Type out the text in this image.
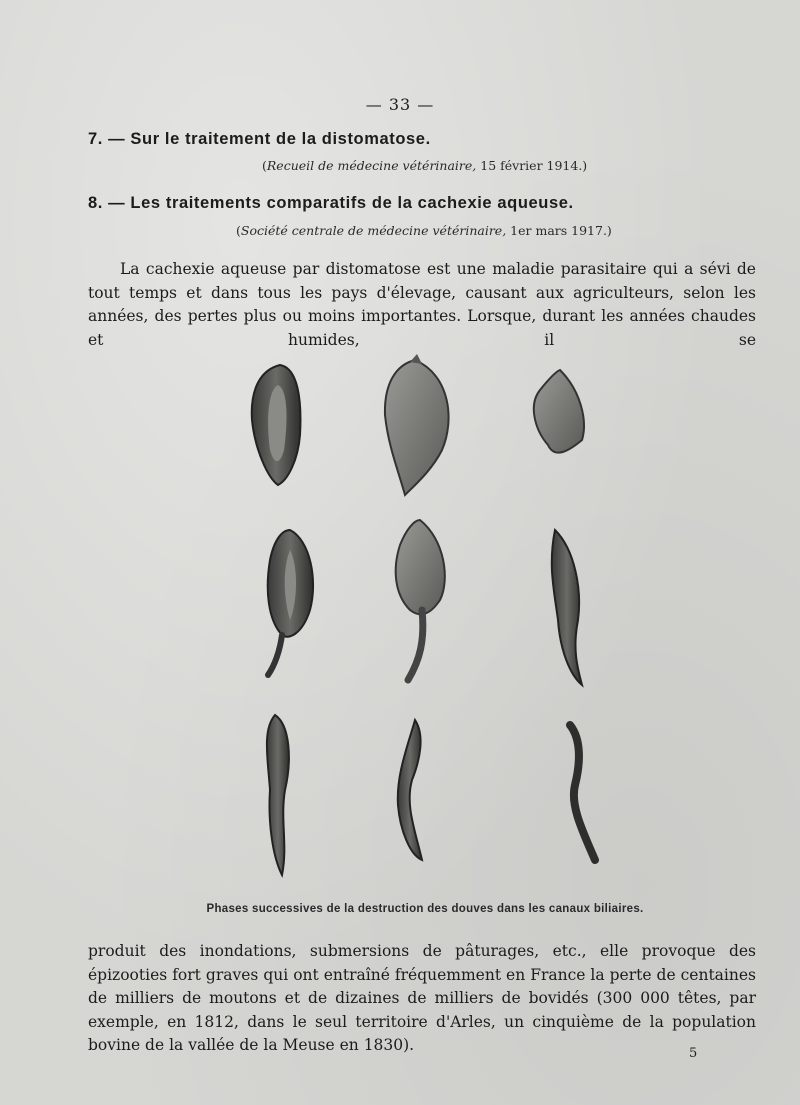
— 33 —
7. — Sur le traitement de la distomatose.
(Recueil de médecine vétérinaire, 15 février 1914.)
8. — Les traitements comparatifs de la cachexie aqueuse.
(Société centrale de médecine vétérinaire, 1er mars 1917.)
La cachexie aqueuse par distomatose est une maladie parasitaire qui a sévi de tout temps et dans tous les pays d'élevage, causant aux agriculteurs, selon les années, des pertes plus ou moins importantes. Lorsque, durant les années chaudes et humides, il se
Phases successives de la destruction des douves dans les canaux biliaires.
produit des inondations, submersions de pâturages, etc., elle provoque des épizooties fort graves qui ont entraîné fréquemment en France la perte de centaines de milliers de moutons et de dizaines de milliers de bovidés (300 000 têtes, par exemple, en 1812, dans le seul territoire d'Arles, un cinquième de la population bovine de la vallée de la Meuse en 1830).	5
